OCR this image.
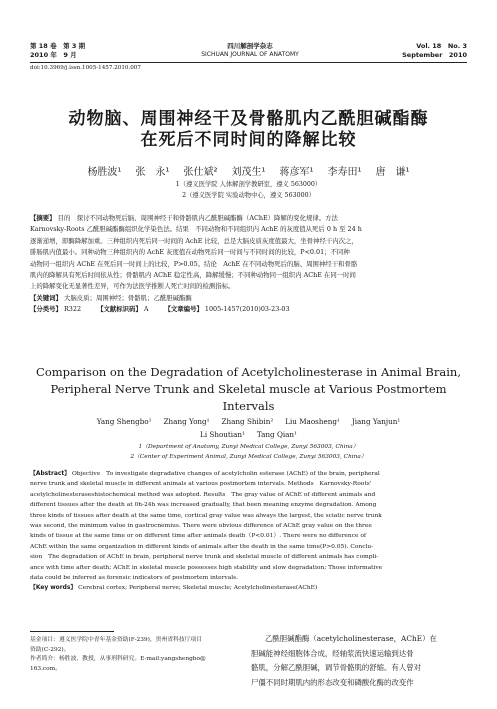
第 18 卷　第 3 期
2010 年　9 月
四川解剖学杂志
SICHUAN JOURNAL OF ANATOMY
Vol. 18　No. 3
September　2010
doi:10.3969/j.issn.1005-1457.2010.007
动物脑、周围神经干及骨骼肌内乙酰胆碱酯酶
在死后不同时间的降解比较
杨胜波¹ 张　永¹ 张仕斌² 刘茂生¹ 蒋彦军¹ 李寿田¹ 唐　谦¹
1（遵义医学院 人体解剖学教研室，遵义 563000）
2（遵义医学院 实验动物中心，遵义 563000）
【摘要】 目的　探讨不同动物死后脑、周围神经干和骨骼肌内乙酰胆碱酯酶（AChE）降解的变化规律。方法
Karnovsky-Roots 乙酰胆碱酯酶组织化学染色法。结果　不同动物和不同组织内 AchE 的灰度值从死后 0 h 至 24 h
逐渐递增，即酶降解加重。三种组织内死后同一时间的 AchE 比较，总是大脑皮质灰度值最大，坐骨神经干内次之，
腓肠肌内值最小。同种动物三种组织内的 AchE 灰度值在动物死后同一时间与不同时间的比较，P<0.01；不同种
动物同一组织内 AChE 在死后同一时间上的比较，P>0.05。结论　AchE 在不同动物死后的脑、周围神经干和骨骼
肌内的降解具有死后时间依从性；骨骼肌内 AChE 稳定性高，降解缓慢；不同种动物同一组织内 AChE 在同一时间
上的降解变化无显著性差异，可作为法医学推断人死亡时间的检测指标。
【关键词】 大脑皮质；周围神经；骨骼肌；乙酰胆碱酯酶
【分类号】 R322	【文献标识码】 A	【文章编号】 1005-1457(2010)03-23-03
Comparison on the Degradation of Acetylcholinesterase in Animal Brain,
Peripheral Nerve Trunk and Skeletal muscle at Various Postmortem Intervals
Yang Shengbo¹ Zhang Yong¹ Zhang Shibin² Liu Maosheng¹ Jiang Yanjun¹
Li Shoutian¹ Tang Qian¹
1（Department of Anatomy, Zunyi Medical College, Zunyi 563003, China）
2（Center of Experiment Animal, Zunyi Medical College, Zunyi 563003, China）
【Abstract】 Objective　To investigate degradative changes of acetylcholin esterase (AChE) of the brain, peripheral
nerve trunk and skeletal muscle in different animals at various postmortem intervals. Methods　Karnovsky-Roots'
acetylcholinesteraseshistochemical method was adopted. Results　The gray value of AChE of different animals and
different tissues after the death at 0h-24h was increased gradually, that been meaning enzyme degradation. Among
three kinds of tissues after death at the same time, cortical gray value was always the largest, the sciatic nerve trunk
was second, the minimum value in gastrocnemius. There were obvious difference of AChE gray value on the three
kinds of tissue at the same time or on different time after animals death（P<0.01）. There were no difference of
AChE within the same organization in different kinds of animals after the death in the same time(P>0.05). Conclu-
sion　The degradation of AChE in brain, peripheral nerve trunk and skeletal muscle of different animals has compli-
ance with time after death; AChE in skeletal muscle possesses high stability and slow degradation; Those informative
data could be inferred as forensic indicators of postmortem intervals.
【Key words】 Cerebral cortex; Peripheral nerve; Skeletal muscle; Acetylcholinesterase(AChE)
基金项目：遵义医学院中青年基金资助(F-239)，贵州省科技厅项目
资助(C-292)。
作者简介：杨胜波，教授，从事刑科研究。E-mail:yangshengbo@
163.com。
乙酰胆碱酯酶（acetylcholinesterase，AChE）在
胆碱能神经细胞体合成，经轴浆流快速运输到达骨
骼肌，分解乙酰胆碱，调节骨骼肌的舒缩。有人曾对
尸僵不同时期肌内的形态改变和磷酸化酶的改变作
